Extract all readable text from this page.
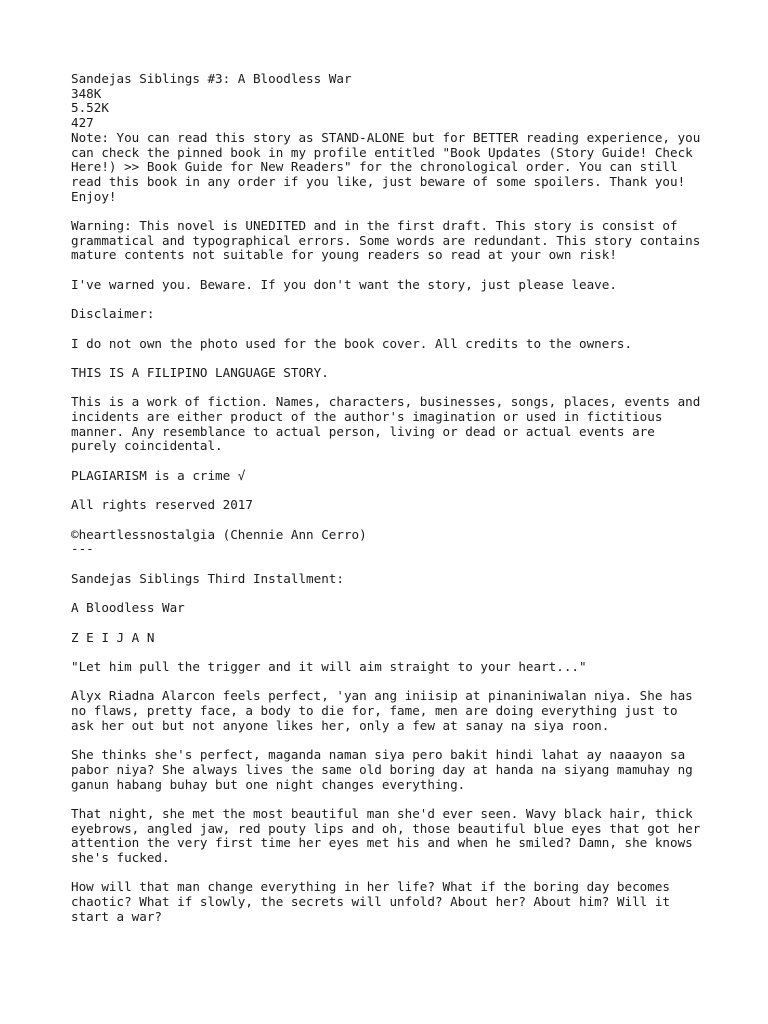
Sandejas Siblings #3: A Bloodless War
348K
5.52K
427

Note: You can read this story as STAND-ALONE but for BETTER reading experience, you
can check the pinned book in my profile entitled "Book Updates (Story Guide! Check
Here!) >> Book Guide for New Readers" for the chronological order. You can still
read this book in any order if you like, just beware of some spoilers. Thank you!
Enjoy!

Warning: This novel is UNEDITED and in the first draft. This story is consist of
grammatical and typographical errors. Some words are redundant. This story contains
mature contents not suitable for young readers so read at your own risk!

I've warned you. Beware. If you don't want the story, just please leave.

Disclaimer:

I do not own the photo used for the book cover. All credits to the owners.

THIS IS A FILIPINO LANGUAGE STORY.

This is a work of fiction. Names, characters, businesses, songs, places, events and
incidents are either product of the author's imagination or used in fictitious
manner. Any resemblance to actual person, living or dead or actual events are
purely coincidental.

PLAGIARISM is a crime √

All rights reserved 2017

©heartlessnostalgia (Chennie Ann Cerro)
---

Sandejas Siblings Third Installment:

A Bloodless War

Z E I J A N

"Let him pull the trigger and it will aim straight to your heart..."

Alyx Riadna Alarcon feels perfect, 'yan ang iniisip at pinaniniwalan niya. She has
no flaws, pretty face, a body to die for, fame, men are doing everything just to
ask her out but not anyone likes her, only a few at sanay na siya roon.

She thinks she's perfect, maganda naman siya pero bakit hindi lahat ay naaayon sa
pabor niya? She always lives the same old boring day at handa na siyang mamuhay ng
ganun habang buhay but one night changes everything.

That night, she met the most beautiful man she'd ever seen. Wavy black hair, thick
eyebrows, angled jaw, red pouty lips and oh, those beautiful blue eyes that got her
attention the very first time her eyes met his and when he smiled? Damn, she knows
she's fucked.

How will that man change everything in her life? What if the boring day becomes
chaotic? What if slowly, the secrets will unfold? About her? About him? Will it
start a war?
